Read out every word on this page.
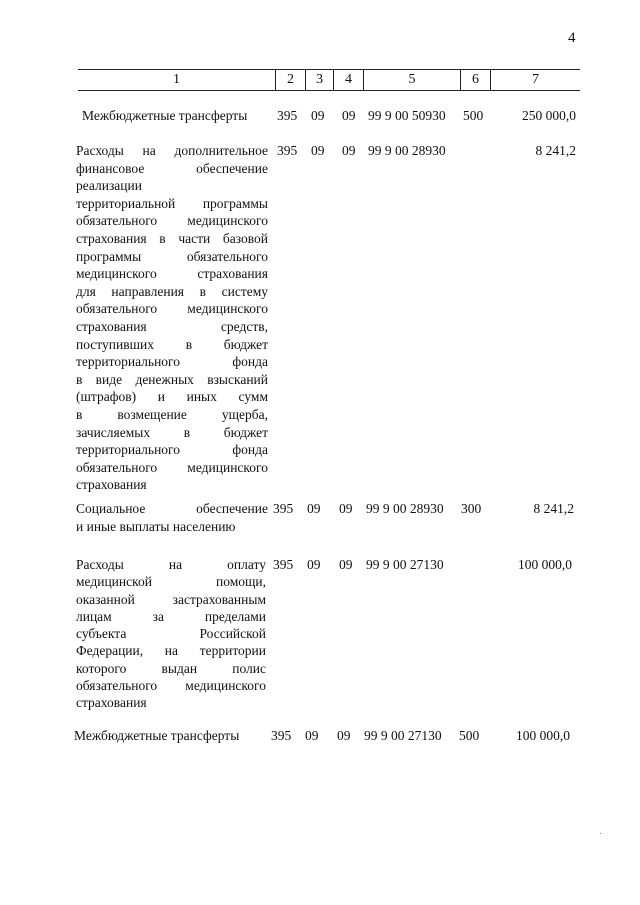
4
1	2	3	4	5	6	7
Межбюджетные трансферты	395 09 09 99 9 00 50930 500	250 000,0
Расходы на дополнительное
финансовое обеспечение
реализации
территориальной программы
обязательного медицинского
страхования в части базовой
программы обязательного
медицинского страхования
для направления в систему
обязательного медицинского
страхования средств,
поступивших в бюджет
территориального фонда
в виде денежных взысканий
(штрафов) и иных сумм
в возмещение ущерба,
зачисляемых в бюджет
территориального фонда
обязательного медицинского
страхования
395 09 09 99 9 00 28930	8 241,2
Социальное обеспечение
и иные выплаты населению
395 09 09 99 9 00 28930 300	8 241,2
Расходы на оплату
медицинской помощи,
оказанной застрахованным
лицам за пределами
субъекта Российской
Федерации, на территории
которого выдан полис
обязательного медицинского
страхования
395 09 09 99 9 00 27130	100 000,0
Межбюджетные трансферты	395 09 09 99 9 00 27130 500	100 000,0
